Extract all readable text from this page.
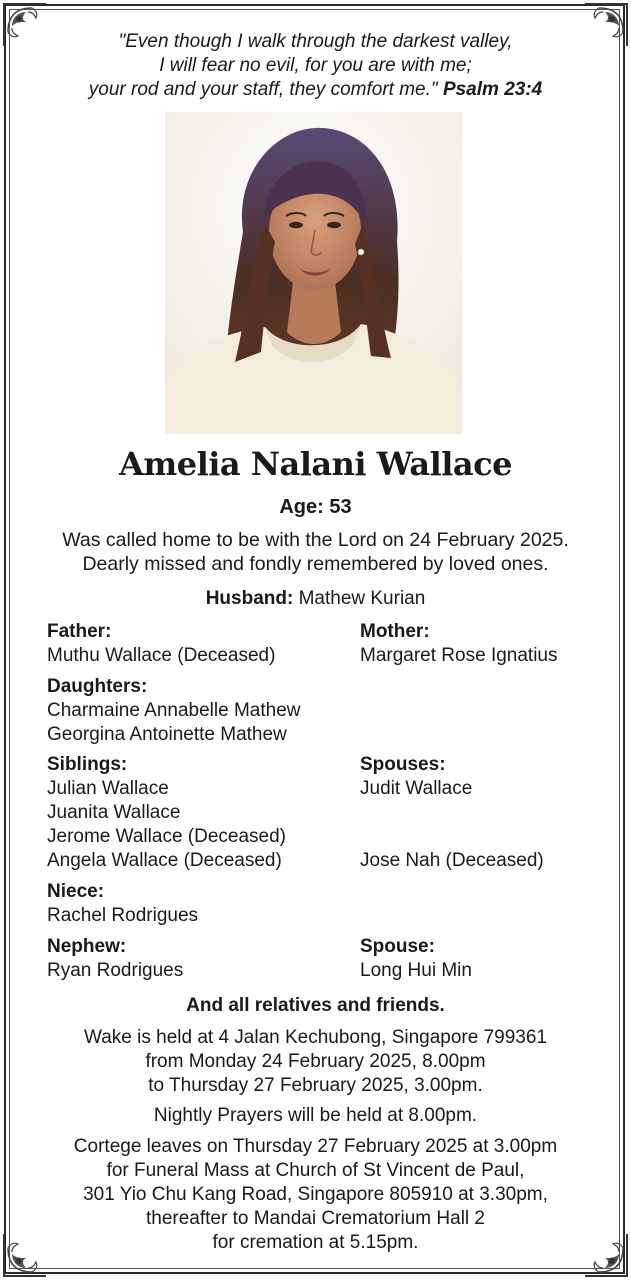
"Even though I walk through the darkest valley,
I will fear no evil, for you are with me;
your rod and your staff, they comfort me." Psalm 23:4
Amelia Nalani Wallace
Age: 53
Was called home to be with the Lord on 24 February 2025.
Dearly missed and fondly remembered by loved ones.
Husband: Mathew Kurian
Father:
Muthu Wallace (Deceased)
Mother:
Margaret Rose Ignatius
Daughters:
Charmaine Annabelle Mathew
Georgina Antoinette Mathew
Siblings:
Julian Wallace
Juanita Wallace
Jerome Wallace (Deceased)
Angela Wallace (Deceased)
Spouses:
Judit Wallace
Jose Nah (Deceased)
Niece:
Rachel Rodrigues
Nephew:
Ryan Rodrigues
Spouse:
Long Hui Min
And all relatives and friends.
Wake is held at 4 Jalan Kechubong, Singapore 799361
from Monday 24 February 2025, 8.00pm
to Thursday 27 February 2025, 3.00pm.
Nightly Prayers will be held at 8.00pm.
Cortege leaves on Thursday 27 February 2025 at 3.00pm
for Funeral Mass at Church of St Vincent de Paul,
301 Yio Chu Kang Road, Singapore 805910 at 3.30pm,
thereafter to Mandai Crematorium Hall 2
for cremation at 5.15pm.
